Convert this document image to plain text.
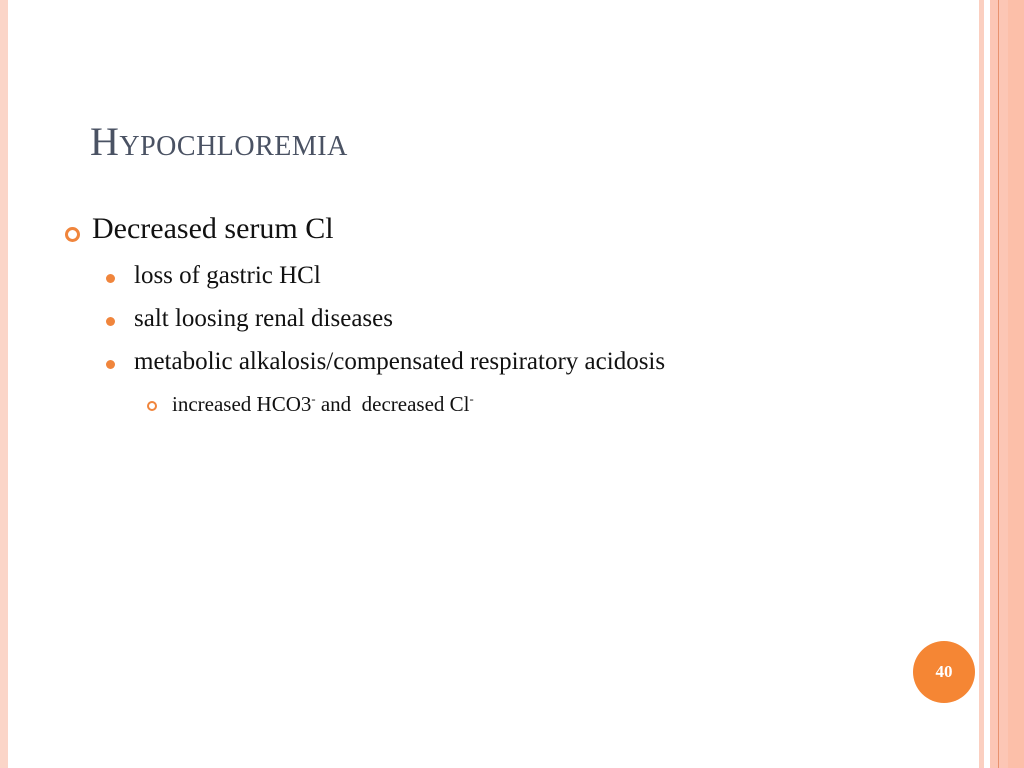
Hypochloremia
Decreased serum Cl
loss of gastric HCl
salt loosing renal diseases
metabolic alkalosis/compensated respiratory acidosis
increased HCO3- and  decreased Cl-
40
